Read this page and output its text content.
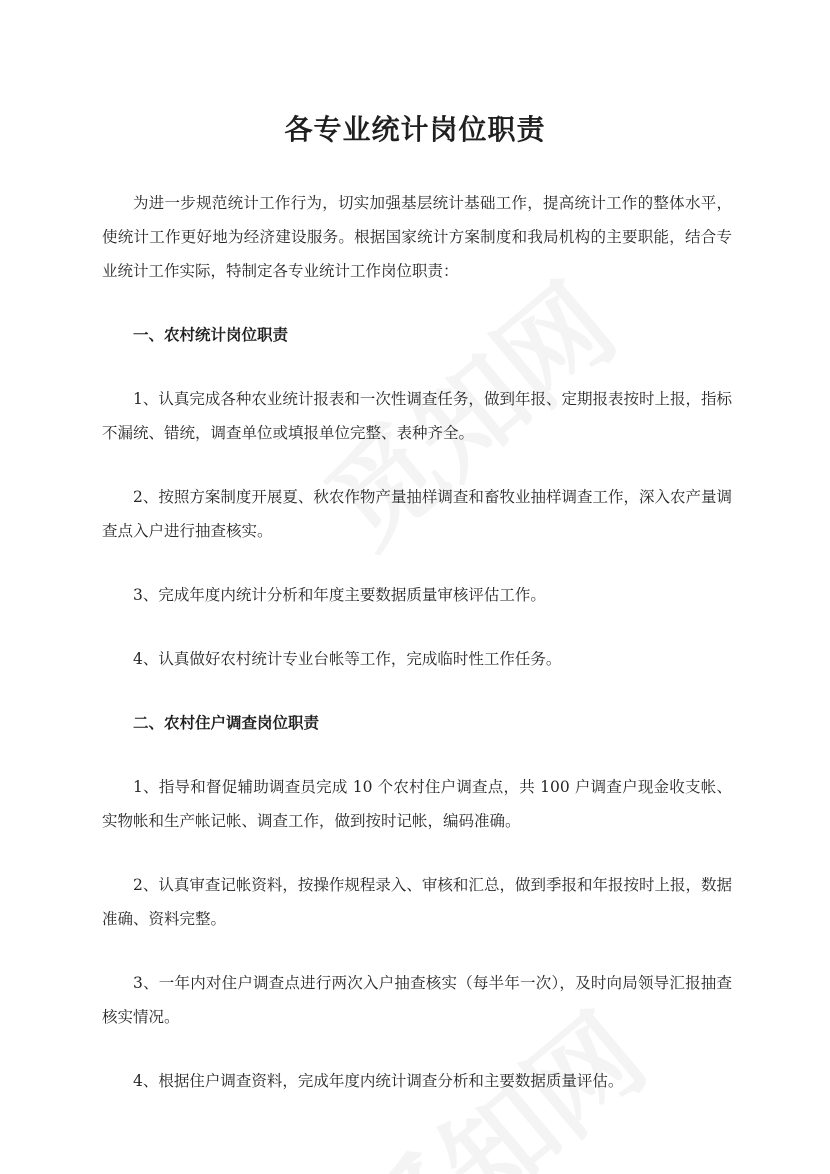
各专业统计岗位职责

为进一步规范统计工作行为，切实加强基层统计基础工作，提高统计工作的整体水平，使统计工作更好地为经济建设服务。根据国家统计方案制度和我局机构的主要职能，结合专业统计工作实际，特制定各专业统计工作岗位职责：

一、农村统计岗位职责

1、认真完成各种农业统计报表和一次性调查任务，做到年报、定期报表按时上报，指标不漏统、错统，调查单位或填报单位完整、表种齐全。

2、按照方案制度开展夏、秋农作物产量抽样调查和畜牧业抽样调查工作，深入农产量调查点入户进行抽查核实。

3、完成年度内统计分析和年度主要数据质量审核评估工作。

4、认真做好农村统计专业台帐等工作，完成临时性工作任务。

二、农村住户调查岗位职责

1、指导和督促辅助调查员完成 10 个农村住户调查点，共 100 户调查户现金收支帐、实物帐和生产帐记帐、调查工作，做到按时记帐，编码准确。

2、认真审查记帐资料，按操作规程录入、审核和汇总，做到季报和年报按时上报，数据准确、资料完整。

3、一年内对住户调查点进行两次入户抽查核实（每半年一次），及时向局领导汇报抽查核实情况。

4、根据住户调查资料，完成年度内统计调查分析和主要数据质量评估。
